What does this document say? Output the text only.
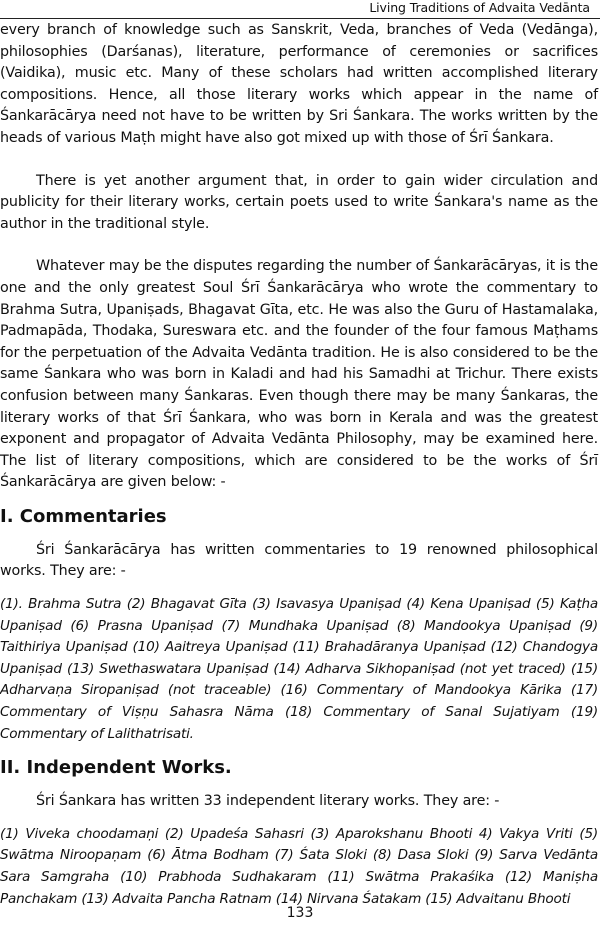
Living Traditions of Advaita Vedānta

every branch of knowledge such as Sanskrit, Veda, branches of Veda (Vedānga), philosophies (Darśanas), literature, performance of ceremonies or sacrifices (Vaidika), music etc. Many of these scholars had written accomplished literary compositions. Hence, all those literary works which appear in the name of Śankarācārya need not have to be written by Sri Śankara. The works written by the heads of various Maṭh might have also got mixed up with those of Śrī Śankara.

There is yet another argument that, in order to gain wider circulation and publicity for their literary works, certain poets used to write Śankara's name as the author in the traditional style.

Whatever may be the disputes regarding the number of Śankarācāryas, it is the one and the only greatest Soul Śrī Śankarācārya who wrote the commentary to Brahma Sutra, Upaniṣads, Bhagavat Gīta, etc. He was also the Guru of Hastamalaka, Padmapāda, Thodaka, Sureswara etc. and the founder of the four famous Maṭhams for the perpetuation of the Advaita Vedānta tradition. He is also considered to be the same Śankara who was born in Kaladi and had his Samadhi at Trichur. There exists confusion between many Śankaras. Even though there may be many Śankaras, the literary works of that Śrī Śankara, who was born in Kerala and was the greatest exponent and propagator of Advaita Vedānta Philosophy, may be examined here. The list of literary compositions, which are considered to be the works of Śrī Śankarācārya are given below: -

I. Commentaries

Śri Śankarācārya has written commentaries to 19 renowned philosophical works. They are: -

(1). Brahma Sutra (2) Bhagavat Gīta (3) Isavasya Upaniṣad (4) Kena Upaniṣad (5) Kaṭha Upaniṣad (6) Prasna Upaniṣad (7) Mundhaka Upaniṣad (8) Mandookya Upaniṣad (9) Taithiriya Upaniṣad (10) Aaitreya Upaniṣad (11) Brahadāranya Upaniṣad (12) Chandogya Upaniṣad (13) Swethaswatara Upaniṣad (14) Adharva Sikhopaniṣad (not yet traced) (15) Adharvaṇa Siropaniṣad (not traceable) (16) Commentary of Mandookya Kārika (17) Commentary of Viṣṇu Sahasra Nāma (18) Commentary of Sanal Sujatiyam (19) Commentary of Lalithatrisati.

II. Independent Works.

Śri Śankara has written 33 independent literary works. They are: -

(1) Viveka choodamaṇi (2) Upadeśa Sahasri (3) Aparokshanu Bhooti 4) Vakya Vriti (5) Swātma Niroopaṇam (6) Ātma Bodham (7) Śata Sloki (8) Dasa Sloki (9) Sarva Vedānta Sara Samgraha (10) Prabhoda Sudhakaram (11) Swātma Prakaśika (12) Maniṣha Panchakam (13) Advaita Pancha Ratnam (14) Nirvana Śatakam (15) Advaitanu Bhooti

133
